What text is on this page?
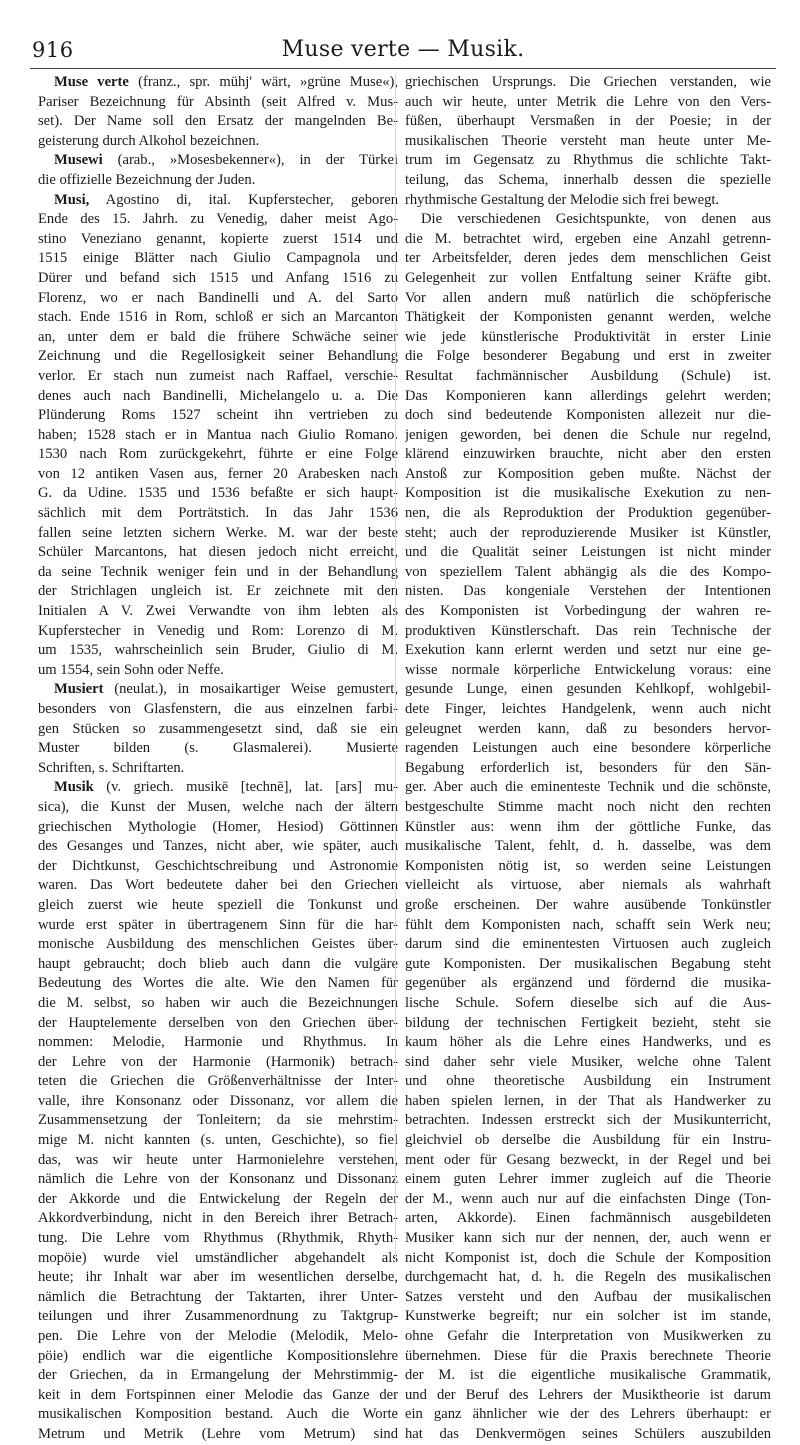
916	Muse verte — Musik.
Muse verte (franz., spr. mühj' wärt, »grüne Muse«),
Pariser Bezeichnung für Absinth (seit Alfred v. Mus-
set). Der Name soll den Ersatz der mangelnden Be-
geisterung durch Alkohol bezeichnen.
Musewi (arab., »Mosesbekenner«), in der Türkei
die offizielle Bezeichnung der Juden.
Musi, Agostino di, ital. Kupferstecher, geboren
Ende des 15. Jahrh. zu Venedig, daher meist Ago-
stino Veneziano genannt, kopierte zuerst 1514 und
1515 einige Blätter nach Giulio Campagnola und
Dürer und befand sich 1515 und Anfang 1516 zu
Florenz, wo er nach Bandinelli und A. del Sarto
stach. Ende 1516 in Rom, schloß er sich an Marcanton
an, unter dem er bald die frühere Schwäche seiner
Zeichnung und die Regellosigkeit seiner Behandlung
verlor. Er stach nun zumeist nach Raffael, verschie-
denes auch nach Bandinelli, Michelangelo u. a. Die
Plünderung Roms 1527 scheint ihn vertrieben zu
haben; 1528 stach er in Mantua nach Giulio Romano.
1530 nach Rom zurückgekehrt, führte er eine Folge
von 12 antiken Vasen aus, ferner 20 Arabesken nach
G. da Udine. 1535 und 1536 befaßte er sich haupt-
sächlich mit dem Porträtstich. In das Jahr 1536
fallen seine letzten sichern Werke. M. war der beste
Schüler Marcantons, hat diesen jedoch nicht erreicht,
da seine Technik weniger fein und in der Behandlung
der Strichlagen ungleich ist. Er zeichnete mit den
Initialen A V. Zwei Verwandte von ihm lebten als
Kupferstecher in Venedig und Rom: Lorenzo di M.
um 1535, wahrscheinlich sein Bruder, Giulio di M.
um 1554, sein Sohn oder Neffe.
Musiert (neulat.), in mosaikartiger Weise gemustert,
besonders von Glasfenstern, die aus einzelnen farbi-
gen Stücken so zusammengesetzt sind, daß sie ein
Muster bilden (s. Glasmalerei). Musierte
Schriften, s. Schriftarten.
Musik (v. griech. musikē [technē], lat. [ars] mu-
sica), die Kunst der Musen, welche nach der ältern
griechischen Mythologie (Homer, Hesiod) Göttinnen
des Gesanges und Tanzes, nicht aber, wie später, auch
der Dichtkunst, Geschichtschreibung und Astronomie
waren. Das Wort bedeutete daher bei den Griechen
gleich zuerst wie heute speziell die Tonkunst und
wurde erst später in übertragenem Sinn für die har-
monische Ausbildung des menschlichen Geistes über-
haupt gebraucht; doch blieb auch dann die vulgäre
Bedeutung des Wortes die alte. Wie den Namen für
die M. selbst, so haben wir auch die Bezeichnungen
der Hauptelemente derselben von den Griechen über-
nommen: Melodie, Harmonie und Rhythmus. In
der Lehre von der Harmonie (Harmonik) betrach-
teten die Griechen die Größenverhältnisse der Inter-
valle, ihre Konsonanz oder Dissonanz, vor allem die
Zusammensetzung der Tonleitern; da sie mehrstim-
mige M. nicht kannten (s. unten, Geschichte), so fiel
das, was wir heute unter Harmonielehre verstehen,
nämlich die Lehre von der Konsonanz und Dissonanz
der Akkorde und die Entwickelung der Regeln der
Akkordverbindung, nicht in den Bereich ihrer Betrach-
tung. Die Lehre vom Rhythmus (Rhythmik, Rhyth-
mopöie) wurde viel umständlicher abgehandelt als
heute; ihr Inhalt war aber im wesentlichen derselbe,
nämlich die Betrachtung der Taktarten, ihrer Unter-
teilungen und ihrer Zusammenordnung zu Taktgrup-
pen. Die Lehre von der Melodie (Melodik, Melo-
pöie) endlich war die eigentliche Kompositionslehre
der Griechen, da in Ermangelung der Mehrstimmig-
keit in dem Fortspinnen einer Melodie das Ganze der
musikalischen Komposition bestand. Auch die Worte
Metrum und Metrik (Lehre vom Metrum) sind
griechischen Ursprungs. Die Griechen verstanden, wie
auch wir heute, unter Metrik die Lehre von den Vers-
füßen, überhaupt Versmaßen in der Poesie; in der
musikalischen Theorie versteht man heute unter Me-
trum im Gegensatz zu Rhythmus die schlichte Takt-
teilung, das Schema, innerhalb dessen die spezielle
rhythmische Gestaltung der Melodie sich frei bewegt.
Die verschiedenen Gesichtspunkte, von denen aus
die M. betrachtet wird, ergeben eine Anzahl getrenn-
ter Arbeitsfelder, deren jedes dem menschlichen Geist
Gelegenheit zur vollen Entfaltung seiner Kräfte gibt.
Vor allen andern muß natürlich die schöpferische
Thätigkeit der Komponisten genannt werden, welche
wie jede künstlerische Produktivität in erster Linie
die Folge besonderer Begabung und erst in zweiter
Resultat fachmännischer Ausbildung (Schule) ist.
Das Komponieren kann allerdings gelehrt werden;
doch sind bedeutende Komponisten allezeit nur die-
jenigen geworden, bei denen die Schule nur regelnd,
klärend einzuwirken brauchte, nicht aber den ersten
Anstoß zur Komposition geben mußte. Nächst der
Komposition ist die musikalische Exekution zu nen-
nen, die als Reproduktion der Produktion gegenüber-
steht; auch der reproduzierende Musiker ist Künstler,
und die Qualität seiner Leistungen ist nicht minder
von speziellem Talent abhängig als die des Kompo-
nisten. Das kongeniale Verstehen der Intentionen
des Komponisten ist Vorbedingung der wahren re-
produktiven Künstlerschaft. Das rein Technische der
Exekution kann erlernt werden und setzt nur eine ge-
wisse normale körperliche Entwickelung voraus: eine
gesunde Lunge, einen gesunden Kehlkopf, wohlgebil-
dete Finger, leichtes Handgelenk, wenn auch nicht
geleugnet werden kann, daß zu besonders hervor-
ragenden Leistungen auch eine besondere körperliche
Begabung erforderlich ist, besonders für den Sän-
ger. Aber auch die eminenteste Technik und die schönste,
bestgeschulte Stimme macht noch nicht den rechten
Künstler aus: wenn ihm der göttliche Funke, das
musikalische Talent, fehlt, d. h. dasselbe, was dem
Komponisten nötig ist, so werden seine Leistungen
vielleicht als virtuose, aber niemals als wahrhaft
große erscheinen. Der wahre ausübende Tonkünstler
fühlt dem Komponisten nach, schafft sein Werk neu;
darum sind die eminentesten Virtuosen auch zugleich
gute Komponisten. Der musikalischen Begabung steht
gegenüber als ergänzend und fördernd die musika-
lische Schule. Sofern dieselbe sich auf die Aus-
bildung der technischen Fertigkeit bezieht, steht sie
kaum höher als die Lehre eines Handwerks, und es
sind daher sehr viele Musiker, welche ohne Talent
und ohne theoretische Ausbildung ein Instrument
haben spielen lernen, in der That als Handwerker zu
betrachten. Indessen erstreckt sich der Musikunterricht,
gleichviel ob derselbe die Ausbildung für ein Instru-
ment oder für Gesang bezweckt, in der Regel und bei
einem guten Lehrer immer zugleich auf die Theorie
der M., wenn auch nur auf die einfachsten Dinge (Ton-
arten, Akkorde). Einen fachmännisch ausgebildeten
Musiker kann sich nur der nennen, der, auch wenn er
nicht Komponist ist, doch die Schule der Komposition
durchgemacht hat, d. h. die Regeln des musikalischen
Satzes versteht und den Aufbau der musikalischen
Kunstwerke begreift; nur ein solcher ist im stande,
ohne Gefahr die Interpretation von Musikwerken zu
übernehmen. Diese für die Praxis berechnete Theorie
der M. ist die eigentliche musikalische Grammatik,
und der Beruf des Lehrers der Musiktheorie ist darum
ein ganz ähnlicher wie der des Lehrers überhaupt: er
hat das Denkvermögen seines Schülers auszubilden
